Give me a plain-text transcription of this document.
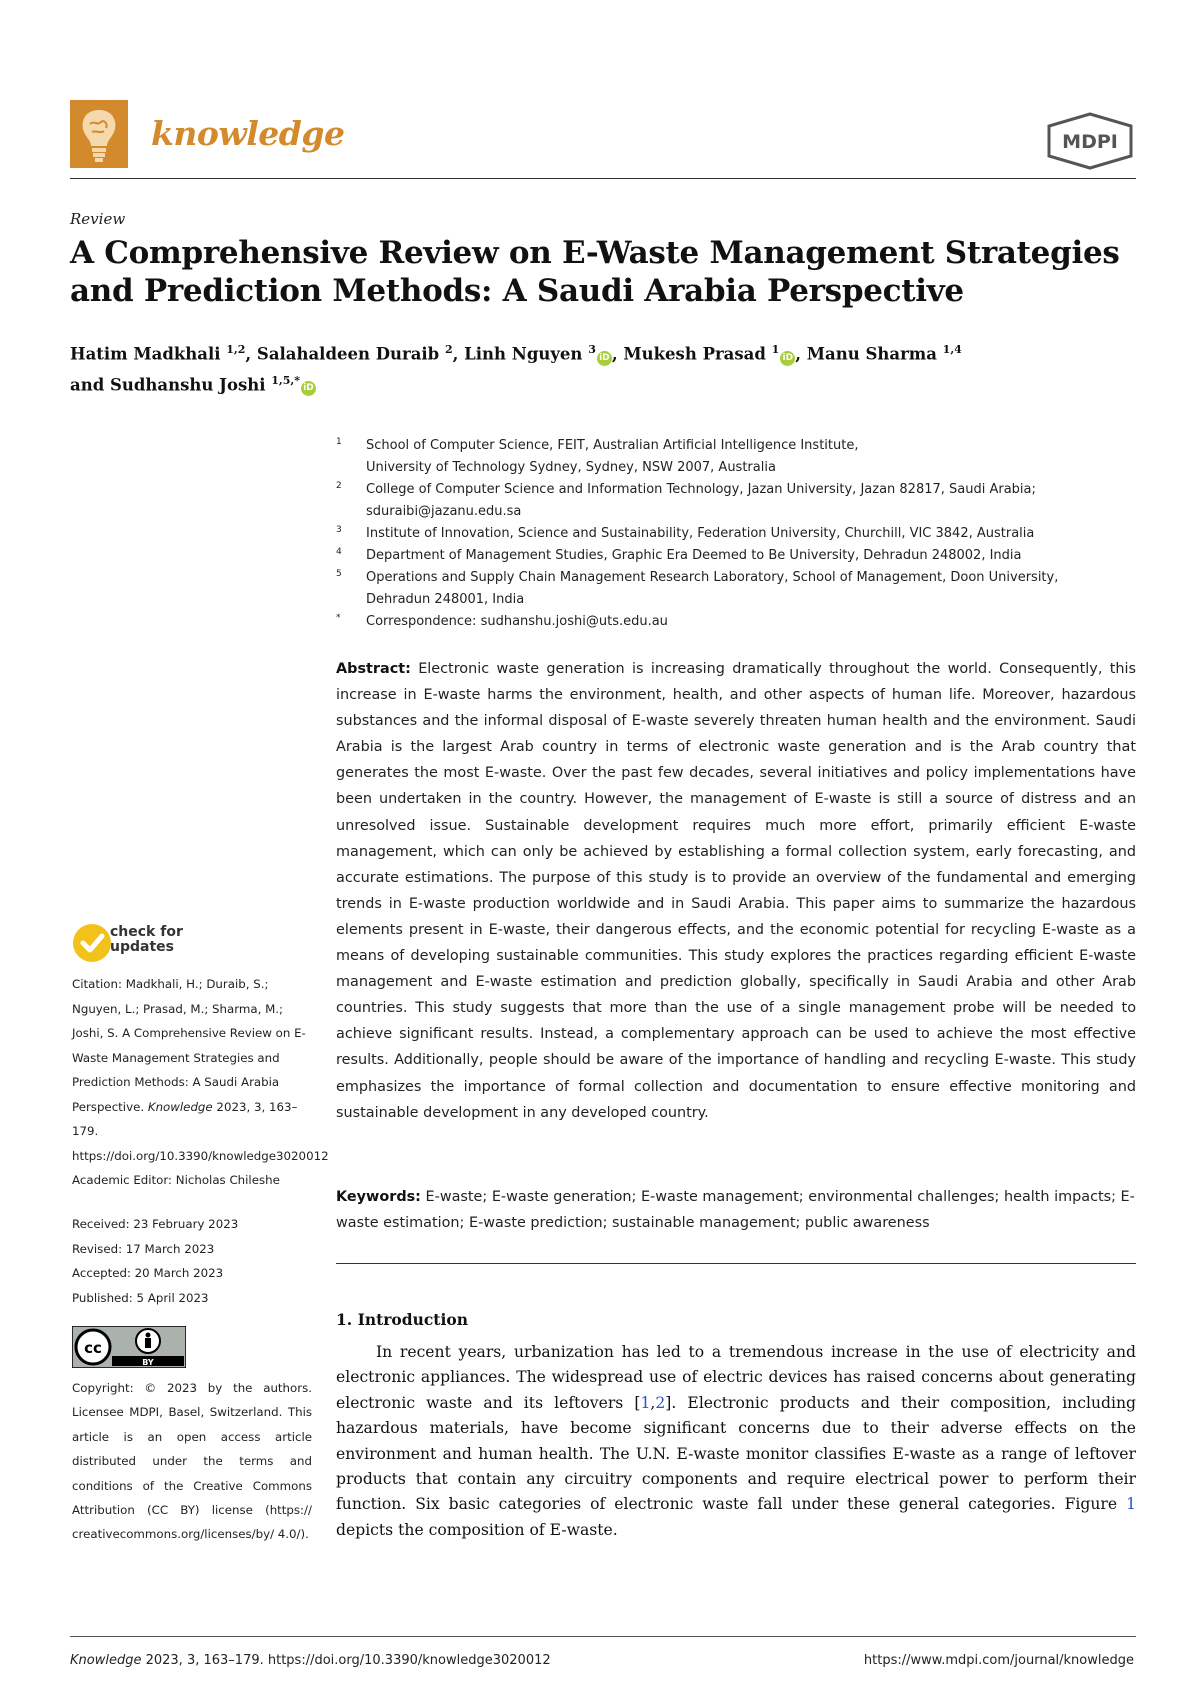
knowledge	MDPI
Review
A Comprehensive Review on E-Waste Management Strategies and Prediction Methods: A Saudi Arabia Perspective
Hatim Madkhali $^{1,2}$, Salahaldeen Duraib $^2$, Linh Nguyen $^3$iD , Mukesh Prasad $^1$iD , Manu Sharma $^{1,4}$
and Sudhanshu Joshi $^{1,5,*}$iD
1 School of Computer Science, FEIT, Australian Artificial Intelligence Institute,
University of Technology Sydney, Sydney, NSW 2007, Australia
2 College of Computer Science and Information Technology, Jazan University, Jazan 82817, Saudi Arabia;
sduraibi@jazanu.edu.sa
3 Institute of Innovation, Science and Sustainability, Federation University, Churchill, VIC 3842, Australia
4 Department of Management Studies, Graphic Era Deemed to Be University, Dehradun 248002, India
5 Operations and Supply Chain Management Research Laboratory, School of Management, Doon University,
Dehradun 248001, India
* Correspondence: sudhanshu.joshi@uts.edu.au
Abstract: Electronic waste generation is increasing dramatically throughout the world. Consequently, this increase in E-waste harms the environment, health, and other aspects of human life. Moreover, hazardous substances and the informal disposal of E-waste severely threaten human health and the environment. Saudi Arabia is the largest Arab country in terms of electronic waste generation and is the Arab country that generates the most E-waste. Over the past few decades, several initiatives and policy implementations have been undertaken in the country. However, the management of E-waste is still a source of distress and an unresolved issue. Sustainable development requires much more effort, primarily efficient E-waste management, which can only be achieved by establishing a formal collection system, early forecasting, and accurate estimations. The purpose of this study is to provide an overview of the fundamental and emerging trends in E-waste production worldwide and in Saudi Arabia. This paper aims to summarize the hazardous elements present in E-waste, their dangerous effects, and the economic potential for recycling E-waste as a means of developing sustainable communities. This study explores the practices regarding efficient E-waste management and E-waste estimation and prediction globally, specifically in Saudi Arabia and other Arab countries. This study suggests that more than the use of a single management probe will be needed to achieve significant results. Instead, a complementary approach can be used to achieve the most effective results. Additionally, people should be aware of the importance of handling and recycling E-waste. This study emphasizes the importance of formal collection and documentation to ensure effective monitoring and sustainable development in any developed country.
Keywords: E-waste; E-waste generation; E-waste management; environmental challenges; health impacts; E-waste estimation; E-waste prediction; sustainable management; public awareness
1. Introduction

In recent years, urbanization has led to a tremendous increase in the use of electricity and electronic appliances. The widespread use of electric devices has raised concerns about generating electronic waste and its leftovers [1,2]. Electronic products and their composition, including hazardous materials, have become significant concerns due to their adverse effects on the environment and human health. The U.N. E-waste monitor classifies E-waste as a range of leftover products that contain any circuitry components and require electrical power to perform their function. Six basic categories of electronic waste fall under these general categories. Figure 1 depicts the composition of E-waste.

check for
updates
Citation: Madkhali, H.; Duraib, S.; Nguyen, L.; Prasad, M.; Sharma, M.; Joshi, S. A Comprehensive Review on E-Waste Management Strategies and Prediction Methods: A Saudi Arabia Perspective. Knowledge 2023, 3, 163–179. https://doi.org/10.3390/knowledge3020012
Academic Editor: Nicholas Chileshe
Received: 23 February 2023
Revised: 17 March 2023
Accepted: 20 March 2023
Published: 5 April 2023
cc
BY
Copyright: © 2023 by the authors. Licensee MDPI, Basel, Switzerland. This article is an open access article distributed under the terms and conditions of the Creative Commons Attribution (CC BY) license (https:// creativecommons.org/licenses/by/ 4.0/).
Knowledge 2023, 3, 163–179. https://doi.org/10.3390/knowledge3020012	https://www.mdpi.com/journal/knowledge
